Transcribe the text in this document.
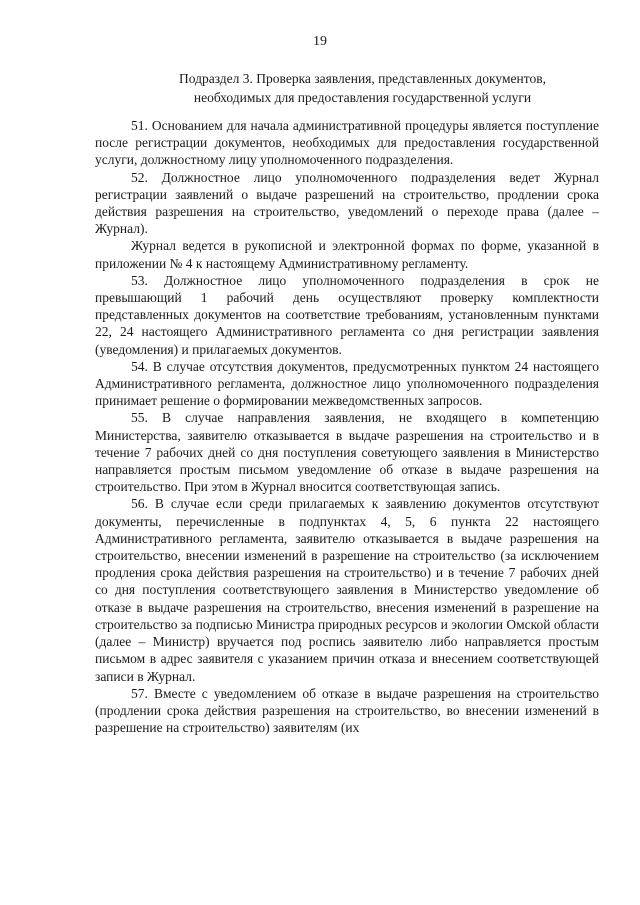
19
Подраздел 3. Проверка заявления, представленных документов,
необходимых для предоставления государственной услуги

51. Основанием для начала административной процедуры является поступление после регистрации документов, необходимых для предоставления государственной услуги, должностному лицу уполномоченного подразделения.

52. Должностное лицо уполномоченного подразделения ведет Журнал регистрации заявлений о выдаче разрешений на строительство, продлении срока действия разрешения на строительство, уведомлений о переходе права (далее – Журнал).

Журнал ведется в рукописной и электронной формах по форме, указанной в приложении № 4 к настоящему Административному регламенту.

53. Должностное лицо уполномоченного подразделения в срок не превышающий 1 рабочий день осуществляют проверку комплектности представленных документов на соответствие требованиям, установленным пунктами 22, 24 настоящего Административного регламента со дня регистрации заявления (уведомления) и прилагаемых документов.

54. В случае отсутствия документов, предусмотренных пунктом 24 настоящего Административного регламента, должностное лицо уполномоченного подразделения принимает решение о формировании межведомственных запросов.

55. В случае направления заявления, не входящего в компетенцию Министерства, заявителю отказывается в выдаче разрешения на строительство и в течение 7 рабочих дней со дня поступления советующего заявления в Министерство направляется простым письмом уведомление об отказе в выдаче разрешения на строительство. При этом в Журнал вносится соответствующая запись.

56. В случае если среди прилагаемых к заявлению документов отсутствуют документы, перечисленные в подпунктах 4, 5, 6 пункта 22 настоящего Административного регламента, заявителю отказывается в выдаче разрешения на строительство, внесении изменений в разрешение на строительство (за исключением продления срока действия разрешения на строительство) и в течение 7 рабочих дней со дня поступления соответствующего заявления в Министерство уведомление об отказе в выдаче разрешения на строительство, внесения изменений в разрешение на строительство за подписью Министра природных ресурсов и экологии Омской области (далее – Министр) вручается под роспись заявителю либо направляется простым письмом в адрес заявителя с указанием причин отказа и внесением соответствующей записи в Журнал.

57. Вместе с уведомлением об отказе в выдаче разрешения на строительство (продлении срока действия разрешения на строительство, во внесении изменений в разрешение на строительство) заявителям (их
